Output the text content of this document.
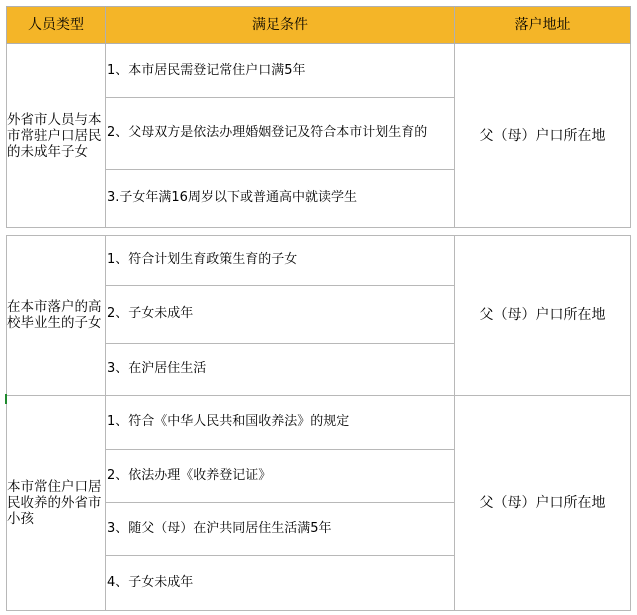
人员类型	满足条件	落户地址
外省市人员与本市常驻户口居民的未成年子女
1、本市居民需登记常住户口满5年
2、父母双方是依法办理婚姻登记及符合本市计划生育的
3.子女年满16周岁以下或普通高中就读学生
父（母）户口所在地
在本市落户的高校毕业生的子女
1、符合计划生育政策生育的子女
2、子女未成年
3、在沪居住生活
父（母）户口所在地
本市常住户口居民收养的外省市小孩
1、符合《中华人民共和国收养法》的规定
2、依法办理《收养登记证》
3、随父（母）在沪共同居住生活满5年
4、子女未成年
父（母）户口所在地
